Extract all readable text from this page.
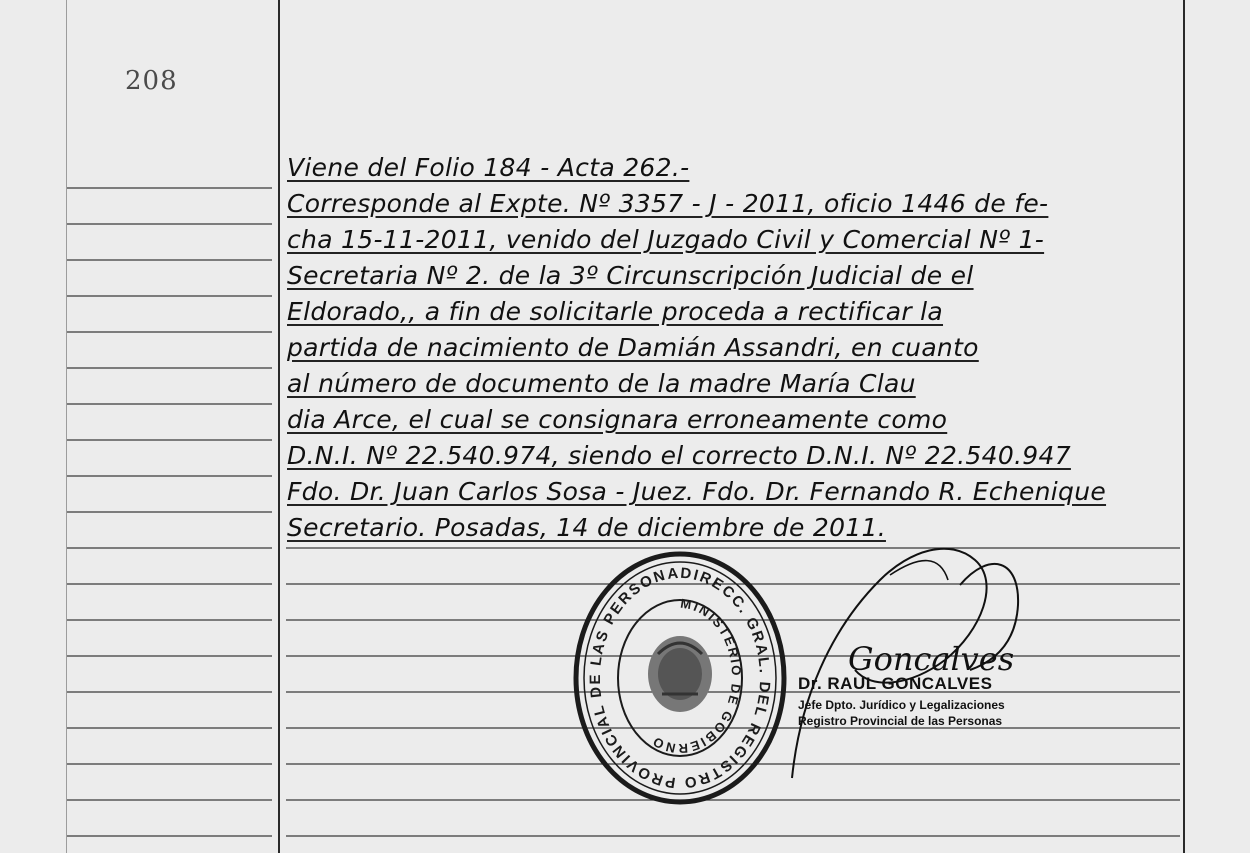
208
Viene del Folio 184 - Acta 262.-
Corresponde al Expte. Nº 3357 - J - 2011, oficio 1446 de fe-
cha 15-11-2011, venido del Juzgado Civil y Comercial Nº 1-
Secretaria Nº 2. de la 3º Circunscripción Judicial de el
Eldorado,, a fin de solicitarle proceda a rectificar la
partida de nacimiento de Damián Assandri, en cuanto
al número de documento de la madre María Clau
dia Arce, el cual se consignara erroneamente como
D.N.I. Nº 22.540.974, siendo el correcto D.N.I. Nº 22.540.947
Fdo. Dr. Juan Carlos Sosa - Juez. Fdo. Dr. Fernando R. Echenique
Secretario. Posadas, 14 de diciembre de 2011.
DIRECC. GRAL. DEL REGISTRO PROVINCIAL DE LAS PERSONA
MINISTERIO DE GOBIERNO
Goncalves
Dr. RAUL GONCALVES
Jefe Dpto. Jurídico y Legalizaciones
Registro Provincial de las Personas
